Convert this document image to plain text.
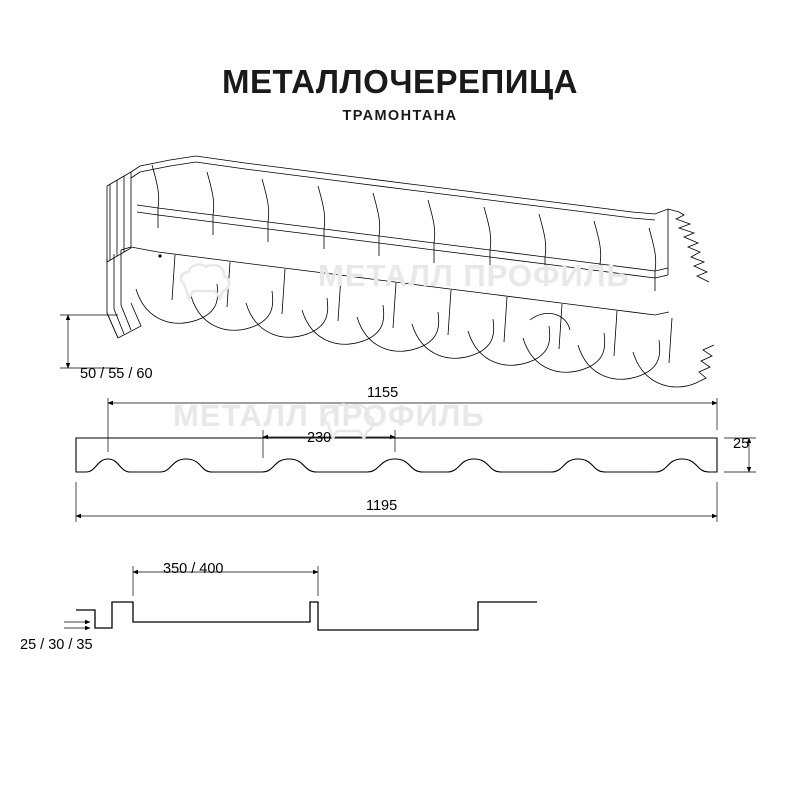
МЕТАЛЛОЧЕРЕПИЦА
ТРАМОНТАНА
МЕТАЛЛ ПРОФИЛЬ
МЕТАЛЛ ПРОФИЛЬ
50 / 55 / 60
1155
230
1195
25
350 / 400
25 / 30 / 35
